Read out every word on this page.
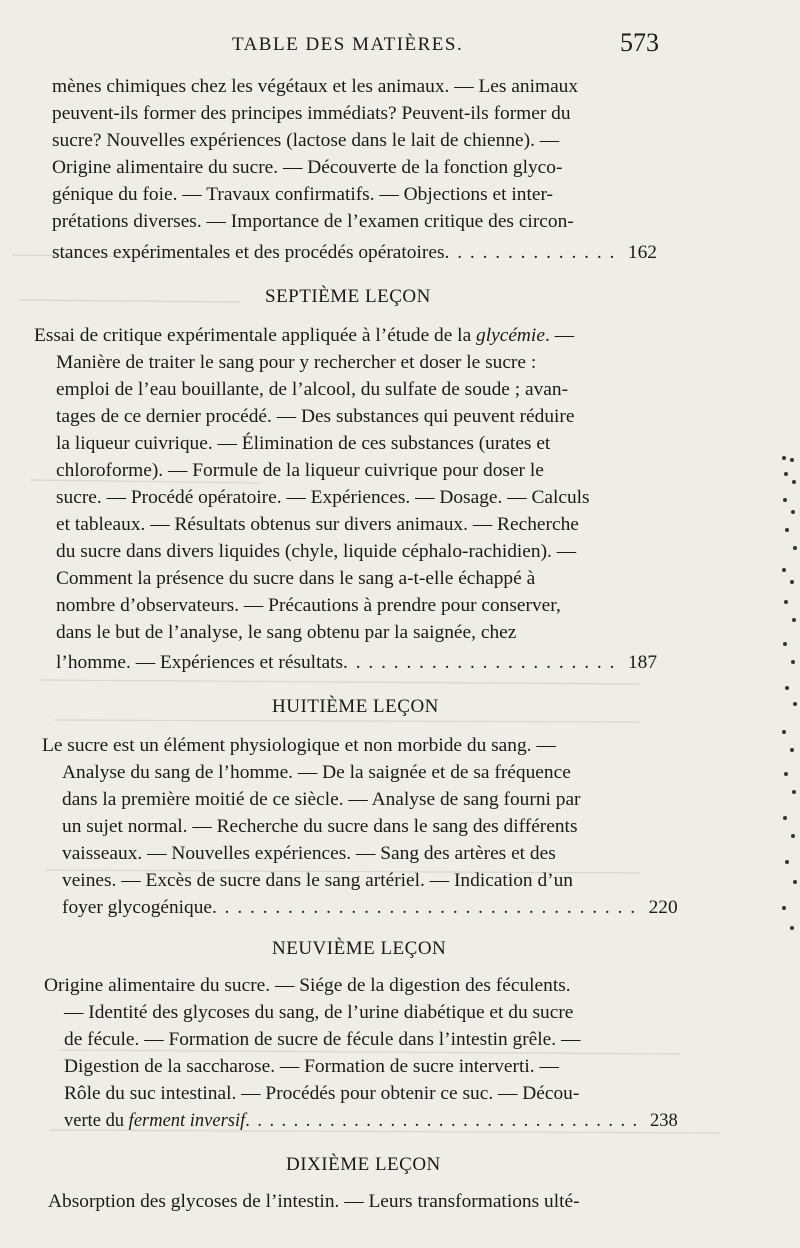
TABLE DES MATIÈRES.	573
mènes chimiques chez les végétaux et les animaux. — Les animaux
peuvent-ils former des principes immédiats? Peuvent-ils former du
sucre? Nouvelles expériences (lactose dans le lait de chienne). —
Origine alimentaire du sucre. — Découverte de la fonction glyco-
génique du foie. — Travaux confirmatifs. — Objections et inter-
prétations diverses. — Importance de l’examen critique des circon-
stances expérimentales et des procédés opératoires. . . . . . . . . . . . . . 162
SEPTIÈME LEÇON
Essai de critique expérimentale appliquée à l’étude de la glycémie. —
Manière de traiter le sang pour y rechercher et doser le sucre :
emploi de l’eau bouillante, de l’alcool, du sulfate de soude ; avan-
tages de ce dernier procédé. — Des substances qui peuvent réduire
la liqueur cuivrique. — Élimination de ces substances (urates et
chloroforme). — Formule de la liqueur cuivrique pour doser le
sucre. — Procédé opératoire. — Expériences. — Dosage. — Calculs
et tableaux. — Résultats obtenus sur divers animaux. — Recherche
du sucre dans divers liquides (chyle, liquide céphalo-rachidien). —
Comment la présence du sucre dans le sang a-t-elle échappé à
nombre d’observateurs. — Précautions à prendre pour conserver,
dans le but de l’analyse, le sang obtenu par la saignée, chez
l’homme. — Expériences et résultats. . . . . . . . . . . . . . . . . . . . . . 187
HUITIÈME LEÇON
Le sucre est un élément physiologique et non morbide du sang. —
Analyse du sang de l’homme. — De la saignée et de sa fréquence
dans la première moitié de ce siècle. — Analyse de sang fourni par
un sujet normal. — Recherche du sucre dans le sang des différents
vaisseaux. — Nouvelles expériences. — Sang des artères et des
veines. — Excès de sucre dans le sang artériel. — Indication d’un
foyer glycogénique. . . . . . . . . . . . . . . . . . . . . . . . . . . . . . . . . . 220
NEUVIÈME LEÇON
Origine alimentaire du sucre. — Siége de la digestion des féculents.
— Identité des glycoses du sang, de l’urine diabétique et du sucre
de fécule. — Formation de sucre de fécule dans l’intestin grêle. —
Digestion de la saccharose. — Formation de sucre interverti. —
Rôle du suc intestinal. — Procédés pour obtenir ce suc. — Décou-
verte du ferment inversif. . . . . . . . . . . . . . . . . . . . . . . . . . . . . . . . . 238
DIXIÈME LEÇON
Absorption des glycoses de l’intestin. — Leurs transformations ulté-
